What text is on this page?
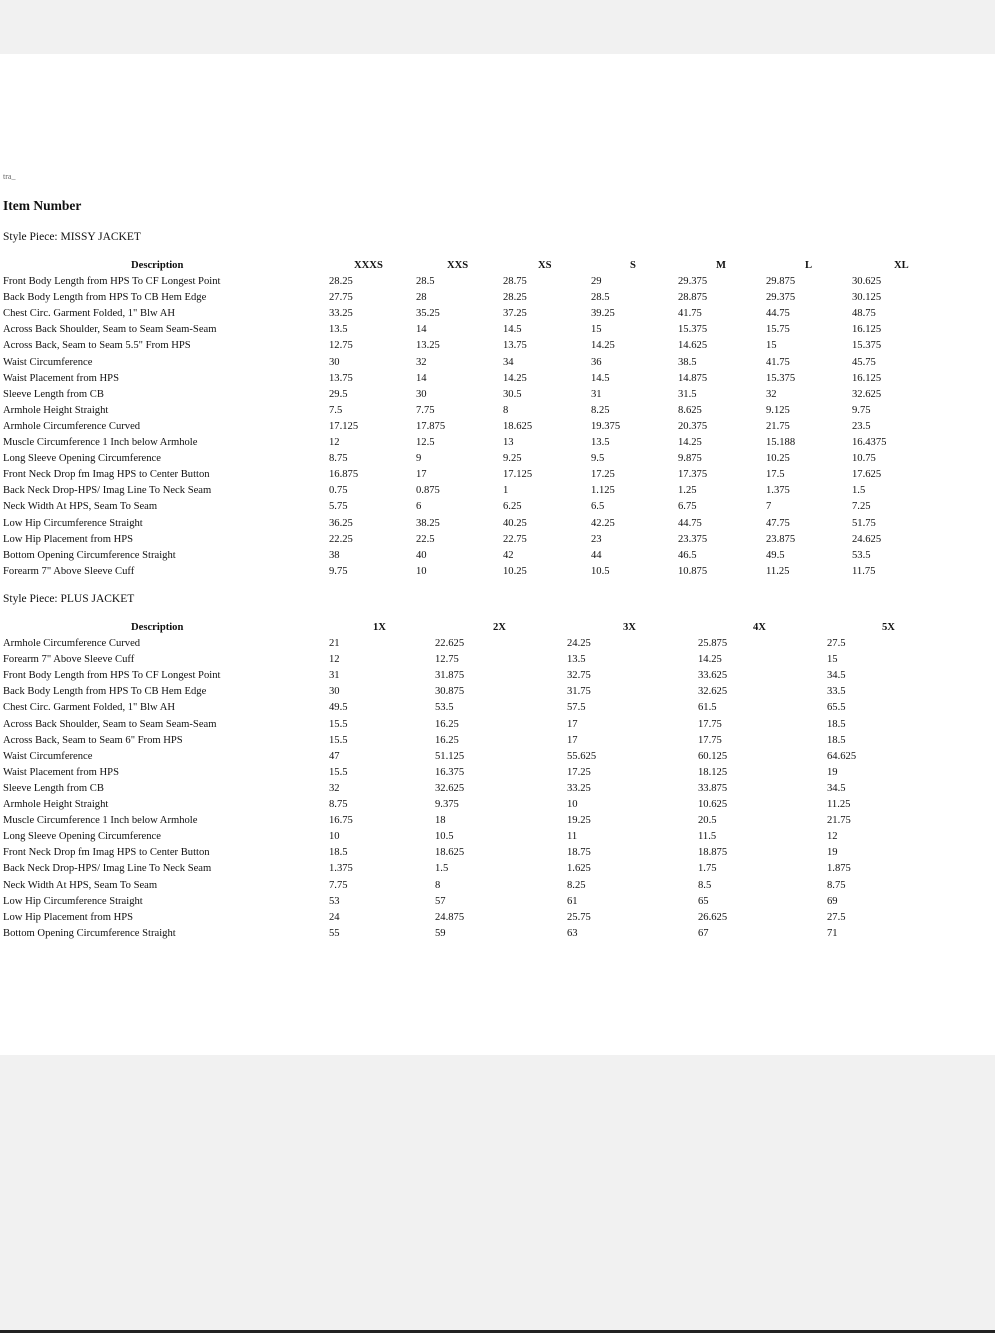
tra_
Item Number
Style Piece: MISSY JACKET
Description	XXXS	XXS	XS	S	M	L	XL
Front Body Length from HPS To CF Longest Point	28.25	28.5	28.75	29	29.375	29.875	30.625
Back Body Length from HPS To CB Hem Edge	27.75	28	28.25	28.5	28.875	29.375	30.125
Chest Circ. Garment Folded, 1" Blw AH	33.25	35.25	37.25	39.25	41.75	44.75	48.75
Across Back Shoulder, Seam to Seam Seam-Seam	13.5	14	14.5	15	15.375	15.75	16.125
Across Back, Seam to Seam 5.5" From HPS	12.75	13.25	13.75	14.25	14.625	15	15.375
Waist Circumference	30	32	34	36	38.5	41.75	45.75
Waist Placement from HPS	13.75	14	14.25	14.5	14.875	15.375	16.125
Sleeve Length from CB	29.5	30	30.5	31	31.5	32	32.625
Armhole Height Straight	7.5	7.75	8	8.25	8.625	9.125	9.75
Armhole Circumference Curved	17.125	17.875	18.625	19.375	20.375	21.75	23.5
Muscle Circumference 1 Inch below Armhole	12	12.5	13	13.5	14.25	15.188	16.4375
Long Sleeve Opening Circumference	8.75	9	9.25	9.5	9.875	10.25	10.75
Front Neck Drop fm Imag HPS to Center Button	16.875	17	17.125	17.25	17.375	17.5	17.625
Back Neck Drop-HPS/ Imag Line To Neck Seam	0.75	0.875	1	1.125	1.25	1.375	1.5
Neck Width At HPS, Seam To Seam	5.75	6	6.25	6.5	6.75	7	7.25
Low Hip Circumference Straight	36.25	38.25	40.25	42.25	44.75	47.75	51.75
Low Hip Placement from HPS	22.25	22.5	22.75	23	23.375	23.875	24.625
Bottom Opening Circumference Straight	38	40	42	44	46.5	49.5	53.5
Forearm 7" Above Sleeve Cuff	9.75	10	10.25	10.5	10.875	11.25	11.75
Style Piece: PLUS JACKET
Description	1X	2X	3X	4X	5X
Armhole Circumference Curved	21	22.625	24.25	25.875	27.5
Forearm 7" Above Sleeve Cuff	12	12.75	13.5	14.25	15
Front Body Length from HPS To CF Longest Point	31	31.875	32.75	33.625	34.5
Back Body Length from HPS To CB Hem Edge	30	30.875	31.75	32.625	33.5
Chest Circ. Garment Folded, 1" Blw AH	49.5	53.5	57.5	61.5	65.5
Across Back Shoulder, Seam to Seam Seam-Seam	15.5	16.25	17	17.75	18.5
Across Back, Seam to Seam 6" From HPS	15.5	16.25	17	17.75	18.5
Waist Circumference	47	51.125	55.625	60.125	64.625
Waist Placement from HPS	15.5	16.375	17.25	18.125	19
Sleeve Length from CB	32	32.625	33.25	33.875	34.5
Armhole Height Straight	8.75	9.375	10	10.625	11.25
Muscle Circumference 1 Inch below Armhole	16.75	18	19.25	20.5	21.75
Long Sleeve Opening Circumference	10	10.5	11	11.5	12
Front Neck Drop fm Imag HPS to Center Button	18.5	18.625	18.75	18.875	19
Back Neck Drop-HPS/ Imag Line To Neck Seam	1.375	1.5	1.625	1.75	1.875
Neck Width At HPS, Seam To Seam	7.75	8	8.25	8.5	8.75
Low Hip Circumference Straight	53	57	61	65	69
Low Hip Placement from HPS	24	24.875	25.75	26.625	27.5
Bottom Opening Circumference Straight	55	59	63	67	71
